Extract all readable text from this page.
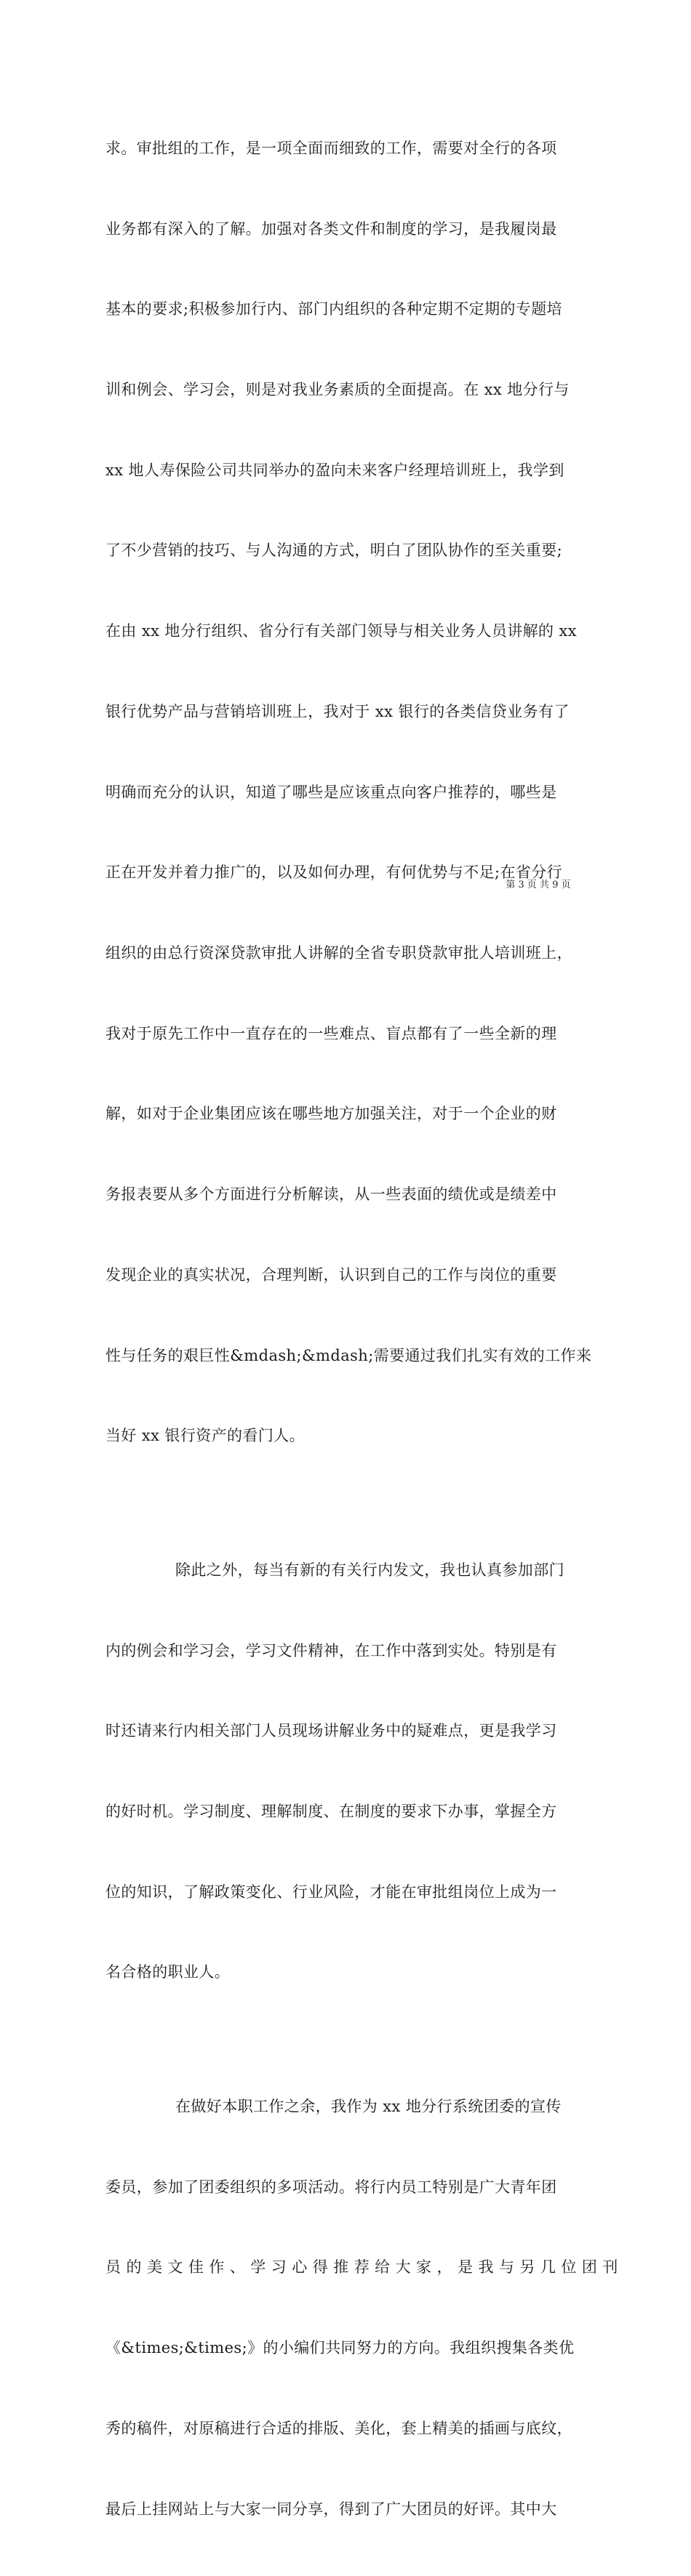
求。审批组的工作，是一项全面而细致的工作，需要对全行的各项

业务都有深入的了解。加强对各类文件和制度的学习，是我履岗最

基本的要求;积极参加行内、部门内组织的各种定期不定期的专题培

训和例会、学习会，则是对我业务素质的全面提高。在 xx 地分行与

xx 地人寿保险公司共同举办的盈向未来客户经理培训班上，我学到

了不少营销的技巧、与人沟通的方式，明白了团队协作的至关重要;

在由 xx 地分行组织、省分行有关部门领导与相关业务人员讲解的 xx

银行优势产品与营销培训班上，我对于 xx 银行的各类信贷业务有了

明确而充分的认识，知道了哪些是应该重点向客户推荐的，哪些是

正在开发并着力推广的，以及如何办理，有何优势与不足;在省分行

组织的由总行资深贷款审批人讲解的全省专职贷款审批人培训班上，

我对于原先工作中一直存在的一些难点、盲点都有了一些全新的理

解，如对于企业集团应该在哪些地方加强关注，对于一个企业的财

务报表要从多个方面进行分析解读，从一些表面的绩优或是绩差中

发现企业的真实状况，合理判断，认识到自己的工作与岗位的重要

性与任务的艰巨性&mdash;&mdash;需要通过我们扎实有效的工作来

当好 xx 银行资产的看门人。

除此之外，每当有新的有关行内发文，我也认真参加部门

内的例会和学习会，学习文件精神，在工作中落到实处。特别是有

时还请来行内相关部门人员现场讲解业务中的疑难点，更是我学习

的好时机。学习制度、理解制度、在制度的要求下办事，掌握全方

位的知识，了解政策变化、行业风险，才能在审批组岗位上成为一

名合格的职业人。

在做好本职工作之余，我作为 xx 地分行系统团委的宣传

委员，参加了团委组织的多项活动。将行内员工特别是广大青年团

员 的 美 文 佳 作 、 学 习 心 得 推 荐 给 大 家 ， 是 我 与 另 几 位 团 刊

《&times;&times;》的小编们共同努力的方向。我组织搜集各类优

秀的稿件，对原稿进行合适的排版、美化，套上精美的插画与底纹，

最后上挂网站上与大家一同分享，得到了广大团员的好评。其中大

第 3 页 共 9 页
